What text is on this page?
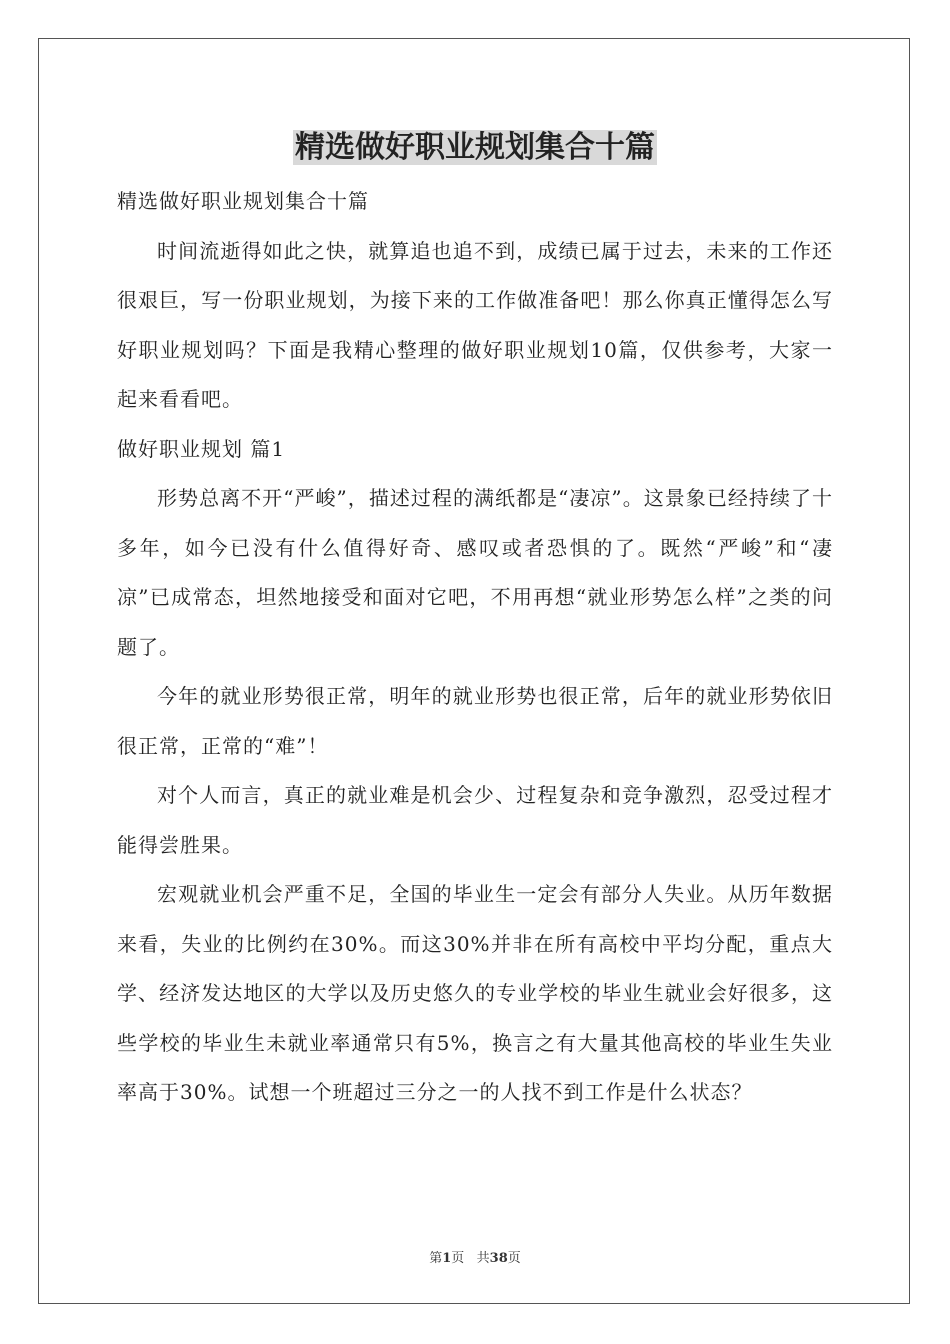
精选做好职业规划集合十篇

精选做好职业规划集合十篇

时间流逝得如此之快，就算追也追不到，成绩已属于过去，未来的工作还很艰巨，写一份职业规划，为接下来的工作做准备吧！那么你真正懂得怎么写好职业规划吗？下面是我精心整理的做好职业规划10篇，仅供参考，大家一起来看看吧。

做好职业规划 篇1

形势总离不开“严峻”，描述过程的满纸都是“凄凉”。这景象已经持续了十多年，如今已没有什么值得好奇、感叹或者恐惧的了。既然“严峻”和“凄凉”已成常态，坦然地接受和面对它吧，不用再想“就业形势怎么样”之类的问题了。

今年的就业形势很正常，明年的就业形势也很正常，后年的就业形势依旧很正常，正常的“难”！

对个人而言，真正的就业难是机会少、过程复杂和竞争激烈，忍受过程才能得尝胜果。

宏观就业机会严重不足，全国的毕业生一定会有部分人失业。从历年数据来看，失业的比例约在30%。而这30%并非在所有高校中平均分配，重点大学、经济发达地区的大学以及历史悠久的专业学校的毕业生就业会好很多，这些学校的毕业生未就业率通常只有5%，换言之有大量其他高校的毕业生失业率高于30%。试想一个班超过三分之一的人找不到工作是什么状态？

第1页   共38页
